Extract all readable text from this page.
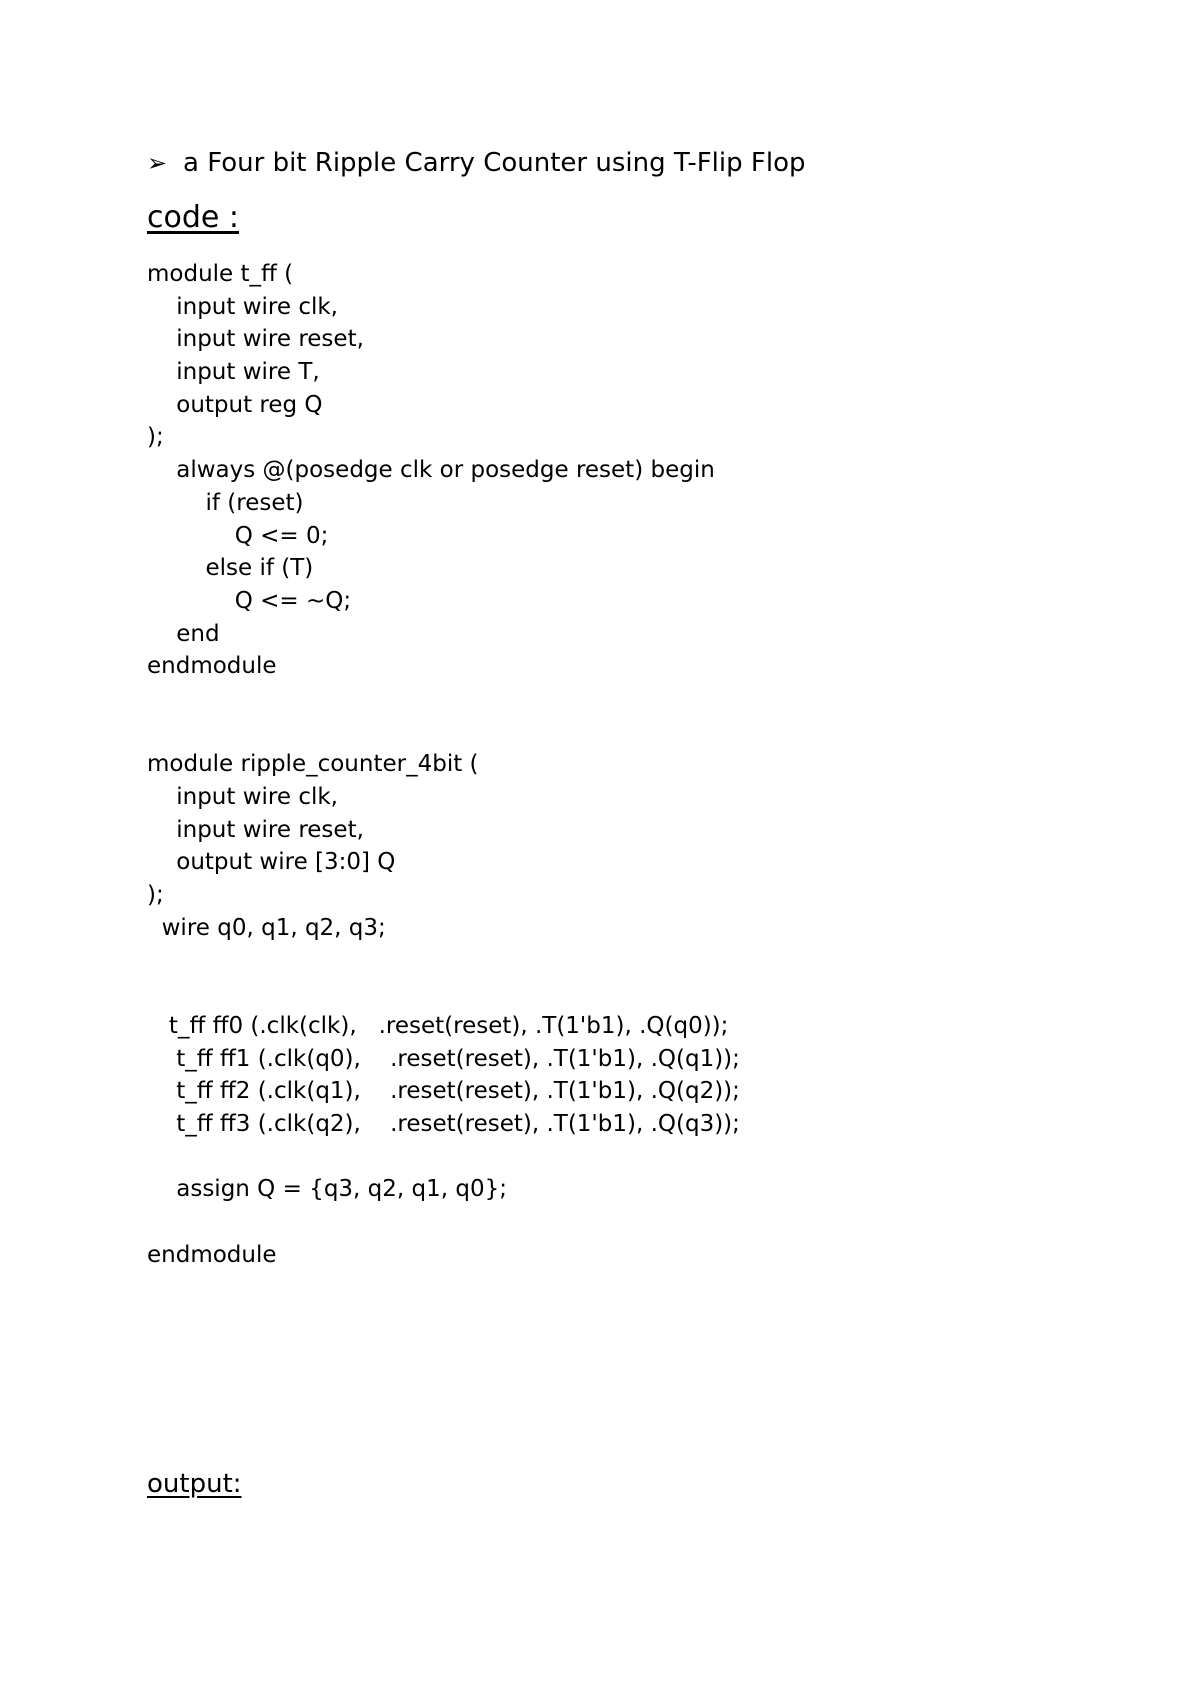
➢ a Four bit Ripple Carry Counter using T-Flip Flop
code :
module t_ff (
input wire clk,
input wire reset,
input wire T,
output reg Q
);
always @(posedge clk or posedge reset) begin
if (reset)
Q <= 0;
else if (T)
Q <= ~Q;
end
endmodule
module ripple_counter_4bit (
input wire clk,
input wire reset,
output wire [3:0] Q
);
wire q0, q1, q2, q3;
t_ff ff0 (.clk(clk),   .reset(reset), .T(1'b1), .Q(q0));
t_ff ff1 (.clk(q0),    .reset(reset), .T(1'b1), .Q(q1));
t_ff ff2 (.clk(q1),    .reset(reset), .T(1'b1), .Q(q2));
t_ff ff3 (.clk(q2),    .reset(reset), .T(1'b1), .Q(q3));
assign Q = {q3, q2, q1, q0};
endmodule
output:
